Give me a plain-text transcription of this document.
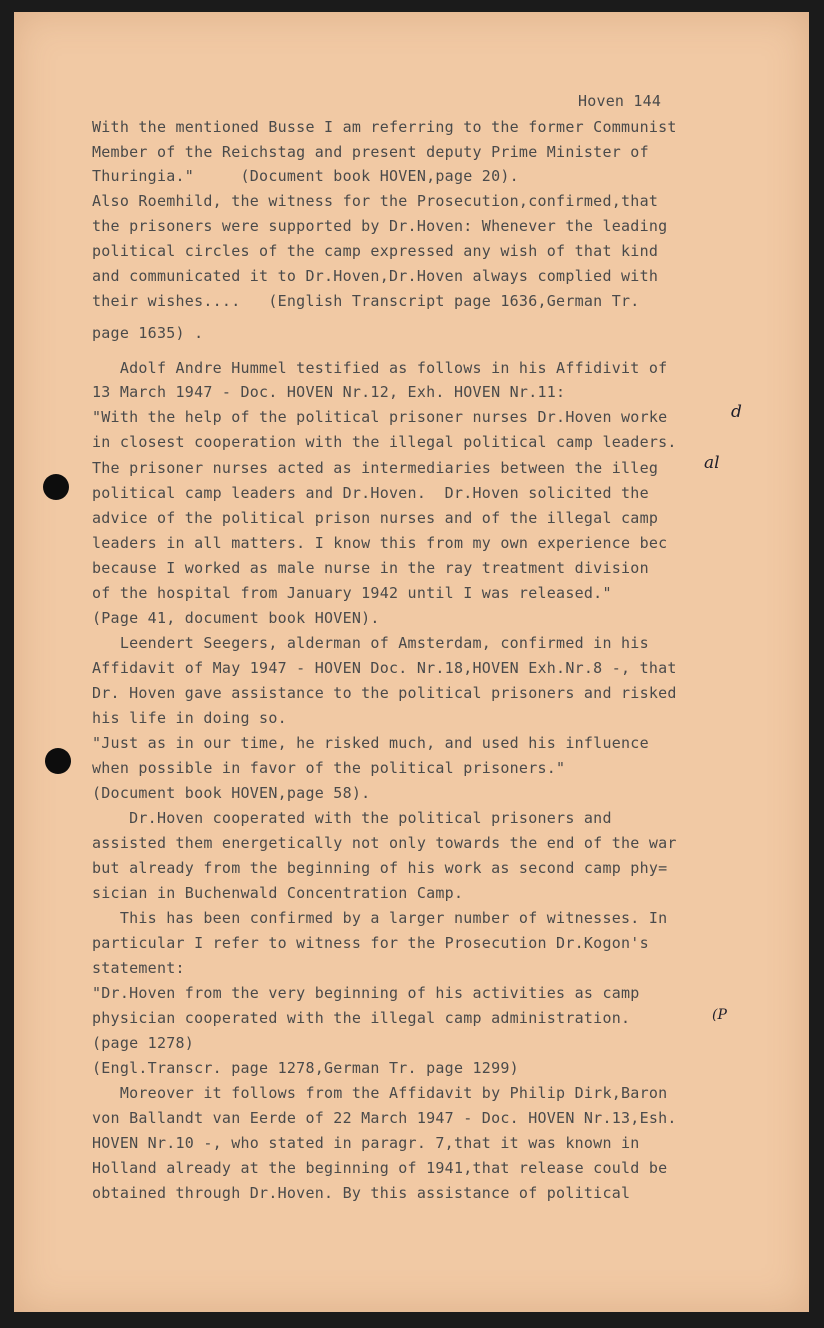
Hoven 144
With the mentioned Busse I am referring to the former Communist
Member of the Reichstag and present deputy Prime Minister of
Thuringia."     (Document book HOVEN,page 20).
Also Roemhild, the witness for the Prosecution,confirmed,that
the prisoners were supported by Dr.Hoven: Whenever the leading
political circles of the camp expressed any wish of that kind
and communicated it to Dr.Hoven,Dr.Hoven always complied with
their wishes....   (English Transcript page 1636,German Tr.
page 1635) .
Adolf Andre Hummel testified as follows in his Affidivit of
13 March 1947 - Doc. HOVEN Nr.12, Exh. HOVEN Nr.11:
"With the help of the political prisoner nurses Dr.Hoven worke
in closest cooperation with the illegal political camp leaders.
The prisoner nurses acted as intermediaries between the illeg
political camp leaders and Dr.Hoven.  Dr.Hoven solicited the
advice of the political prison nurses and of the illegal camp
leaders in all matters. I know this from my own experience bec
because I worked as male nurse in the ray treatment division
of the hospital from January 1942 until I was released."
(Page 41, document book HOVEN).
Leendert Seegers, alderman of Amsterdam, confirmed in his
Affidavit of May 1947 - HOVEN Doc. Nr.18,HOVEN Exh.Nr.8 -, that
Dr. Hoven gave assistance to the political prisoners and risked
his life in doing so.
"Just as in our time, he risked much, and used his influence
when possible in favor of the political prisoners."
(Document book HOVEN,page 58).
Dr.Hoven cooperated with the political prisoners and
assisted them energetically not only towards the end of the war
but already from the beginning of his work as second camp phy=
sician in Buchenwald Concentration Camp.
This has been confirmed by a larger number of witnesses. In
particular I refer to witness for the Prosecution Dr.Kogon's
statement:
"Dr.Hoven from the very beginning of his activities as camp
physician cooperated with the illegal camp administration.
(page 1278)
(Engl.Transcr. page 1278,German Tr. page 1299)
Moreover it follows from the Affidavit by Philip Dirk,Baron
von Ballandt van Eerde of 22 March 1947 - Doc. HOVEN Nr.13,Esh.
HOVEN Nr.10 -, who stated in paragr. 7,that it was known in
Holland already at the beginning of 1941,that release could be
obtained through Dr.Hoven. By this assistance of political
d
al
(P
